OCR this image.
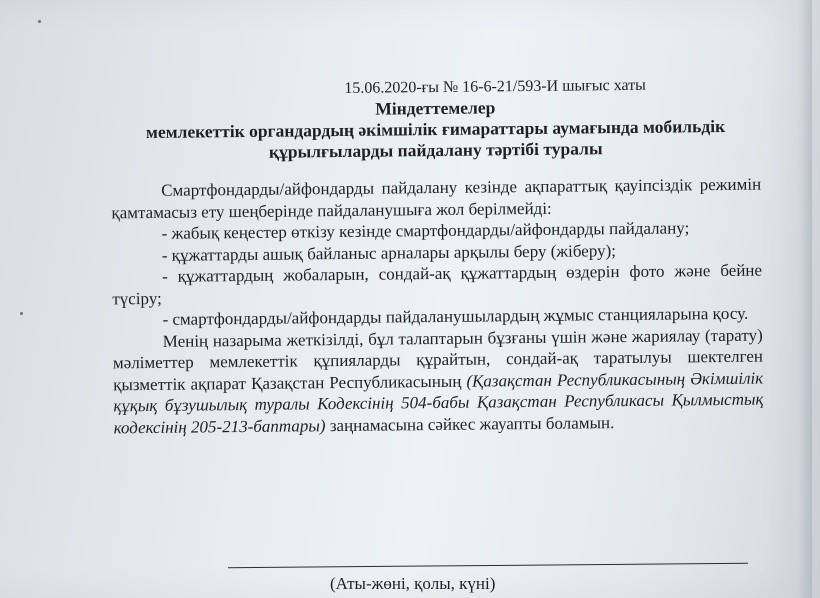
15.06.2020-ғы № 16-6-21/593-И шығыс хаты
Міндеттемелер
мемлекеттік органдардың әкімшілік ғимараттары аумағында мобильдік
құрылғыларды пайдалану тәртібі туралы

Смартфондарды/айфондарды пайдалану кезінде ақпараттық қауіпсіздік режимін қамтамасыз ету шеңберінде пайдаланушыға жол берілмейді:

- жабық кеңестер өткізу кезінде смартфондарды/айфондарды пайдалану;

- құжаттарды ашық байланыс арналары арқылы беру (жіберу);

- құжаттардың жобаларын, сондай-ақ құжаттардың өздерін фото және бейне түсіру;

- смартфондарды/айфондарды пайдаланушылардың жұмыс станцияларына қосу.

Менің назарыма жеткізілді, бұл талаптарын бұзғаны үшін және жариялау (тарату) мәліметтер мемлекеттік құпияларды құрайтын, сондай-ақ таратылуы шектелген қызметтік ақпарат Қазақстан Республикасының (Қазақстан Республикасының Әкімшілік құқық бұзушылық туралы Кодексінің 504-бабы Қазақстан Республикасы Қылмыстық кодексінің 205-213-баптары) заңнамасына сәйкес жауапты боламын.

(Аты-жөні, қолы, күні)
